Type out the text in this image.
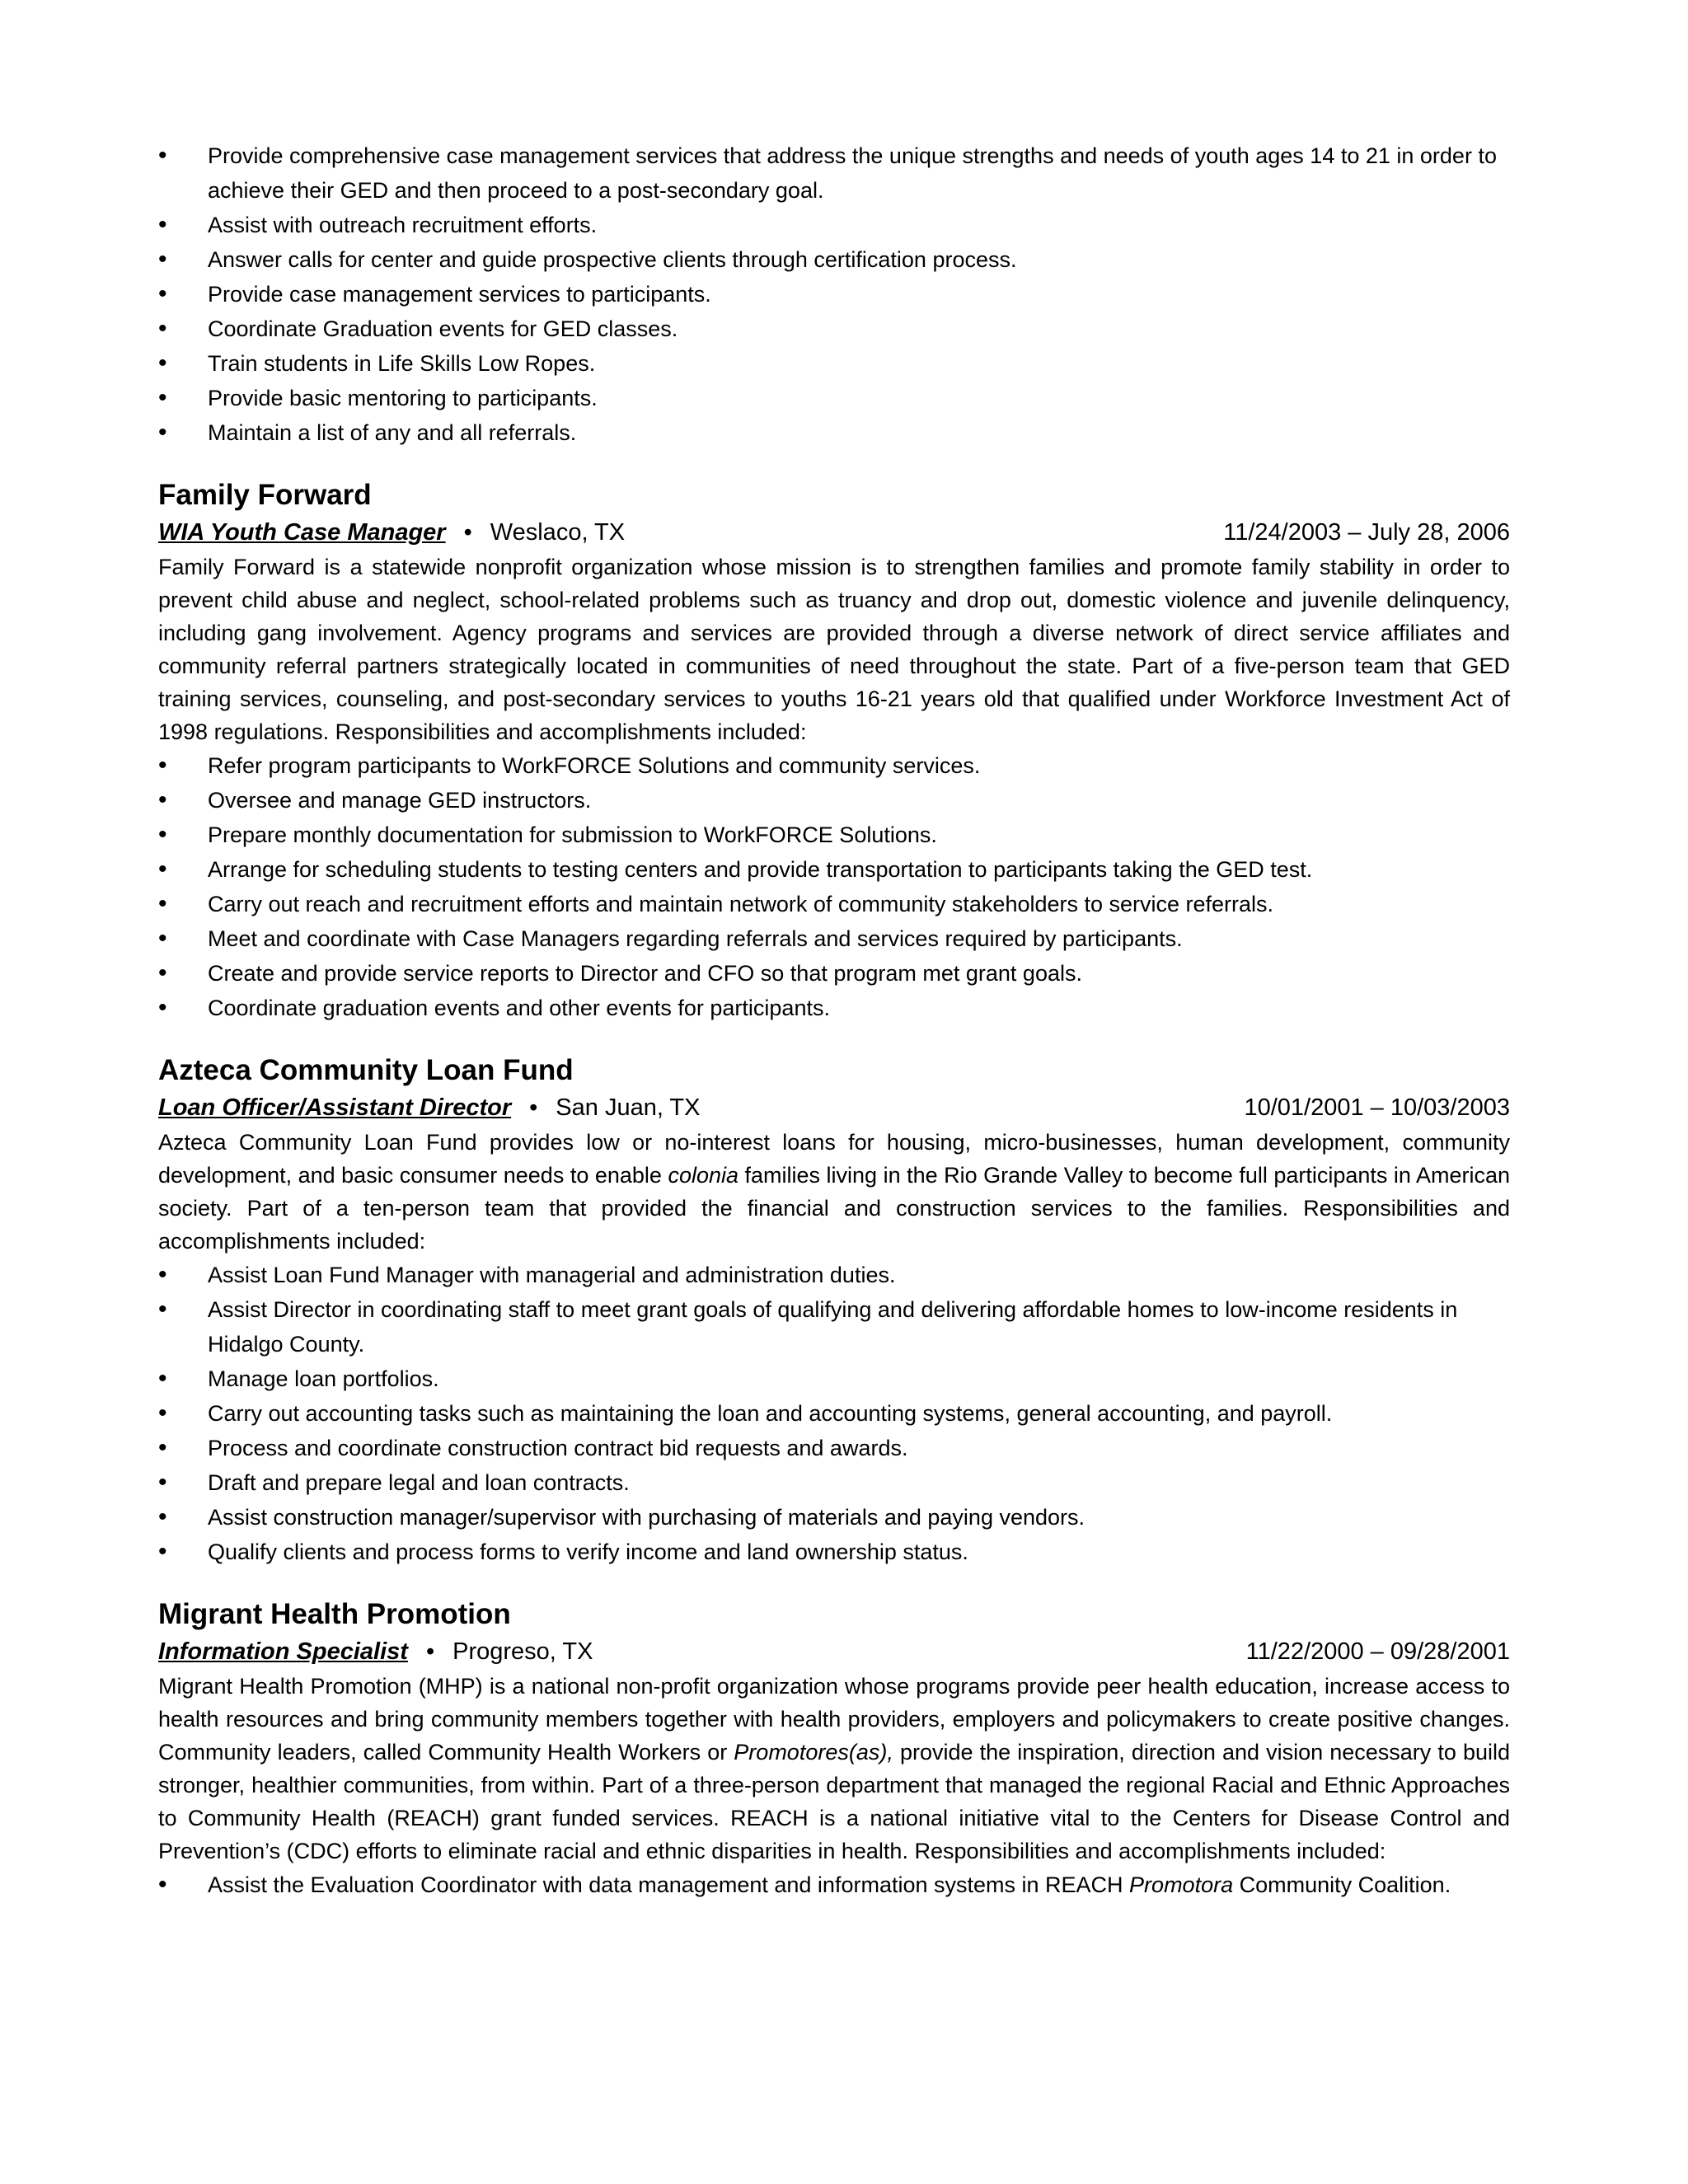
• Provide comprehensive case management services that address the unique strengths and needs of youth ages 14 to 21 in order to achieve their GED and then proceed to a post-secondary goal.
• Assist with outreach recruitment efforts.
• Answer calls for center and guide prospective clients through certification process.
• Provide case management services to participants.
• Coordinate Graduation events for GED classes.
• Train students in Life Skills Low Ropes.
• Provide basic mentoring to participants.
• Maintain a list of any and all referrals.
Family Forward
WIA Youth Case Manager • Weslaco, TX	11/24/2003 – July 28, 2006

Family Forward is a statewide nonprofit organization whose mission is to strengthen families and promote family stability in order to prevent child abuse and neglect, school-related problems such as truancy and drop out, domestic violence and juvenile delinquency, including gang involvement. Agency programs and services are provided through a diverse network of direct service affiliates and community referral partners strategically located in communities of need throughout the state. Part of a five-person team that GED training services, counseling, and post-secondary services to youths 16-21 years old that qualified under Workforce Investment Act of 1998 regulations. Responsibilities and accomplishments included:

• Refer program participants to WorkFORCE Solutions and community services.
• Oversee and manage GED instructors.
• Prepare monthly documentation for submission to WorkFORCE Solutions.
• Arrange for scheduling students to testing centers and provide transportation to participants taking the GED test.
• Carry out reach and recruitment efforts and maintain network of community stakeholders to service referrals.
• Meet and coordinate with Case Managers regarding referrals and services required by participants.
• Create and provide service reports to Director and CFO so that program met grant goals.
• Coordinate graduation events and other events for participants.
Azteca Community Loan Fund
Loan Officer/Assistant Director • San Juan, TX	10/01/2001 – 10/03/2003

Azteca Community Loan Fund provides low or no-interest loans for housing, micro-businesses, human development, community development, and basic consumer needs to enable colonia families living in the Rio Grande Valley to become full participants in American society. Part of a ten-person team that provided the financial and construction services to the families. Responsibilities and accomplishments included:

• Assist Loan Fund Manager with managerial and administration duties.
• Assist Director in coordinating staff to meet grant goals of qualifying and delivering affordable homes to low-income residents in Hidalgo County.
• Manage loan portfolios.
• Carry out accounting tasks such as maintaining the loan and accounting systems, general accounting, and payroll.
• Process and coordinate construction contract bid requests and awards.
• Draft and prepare legal and loan contracts.
• Assist construction manager/supervisor with purchasing of materials and paying vendors.
• Qualify clients and process forms to verify income and land ownership status.
Migrant Health Promotion
Information Specialist • Progreso, TX	11/22/2000 – 09/28/2001

Migrant Health Promotion (MHP) is a national non-profit organization whose programs provide peer health education, increase access to health resources and bring community members together with health providers, employers and policymakers to create positive changes. Community leaders, called Community Health Workers or Promotores(as), provide the inspiration, direction and vision necessary to build stronger, healthier communities, from within. Part of a three-person department that managed the regional Racial and Ethnic Approaches to Community Health (REACH) grant funded services. REACH is a national initiative vital to the Centers for Disease Control and Prevention’s (CDC) efforts to eliminate racial and ethnic disparities in health. Responsibilities and accomplishments included:

• Assist the Evaluation Coordinator with data management and information systems in REACH Promotora Community Coalition.
